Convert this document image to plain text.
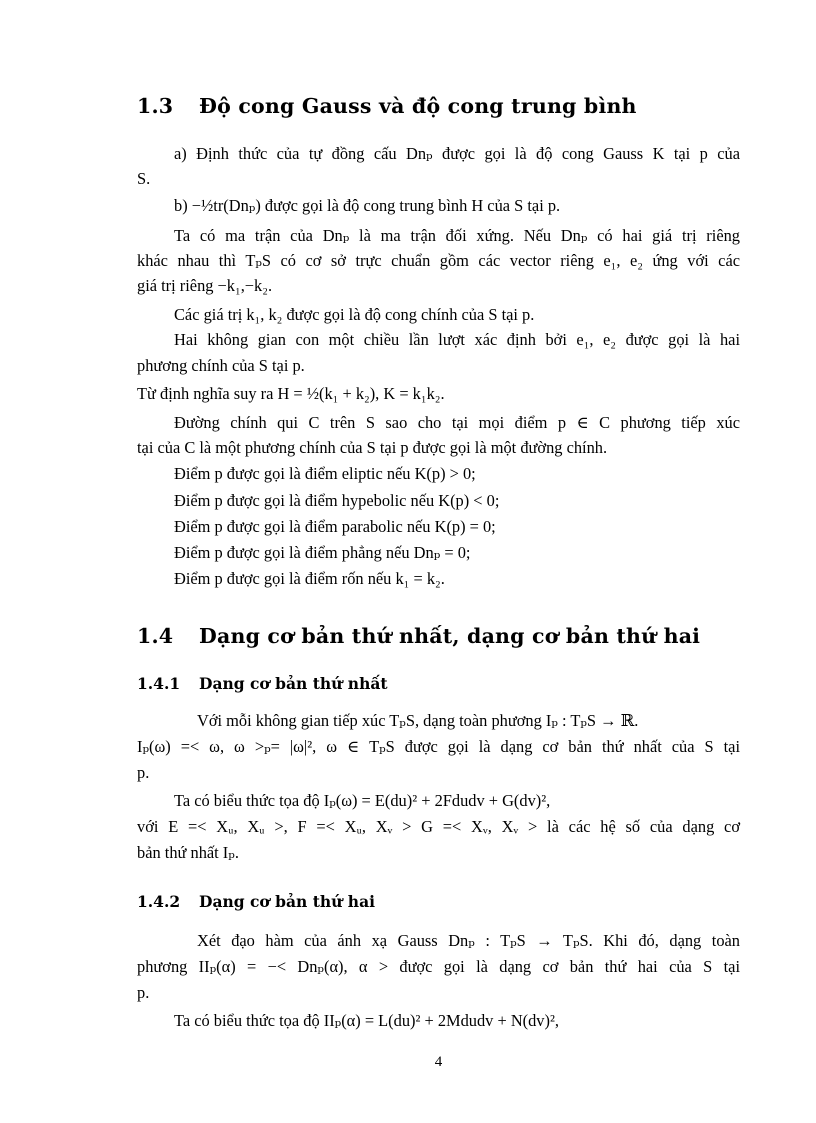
1.3 Độ cong Gauss và độ cong trung bình
a) Định thức của tự đồng cấu Dnₚ được gọi là độ cong Gauss K tại p của
S.
b) −½tr(Dnₚ) được gọi là độ cong trung bình H của S tại p.
Ta có ma trận của Dnₚ là ma trận đối xứng. Nếu Dnₚ có hai giá trị riêng
khác nhau thì TₚS có cơ sở trực chuẩn gồm các vector riêng e₁, e₂ ứng với các
giá trị riêng −k₁,−k₂.
Các giá trị k₁, k₂ được gọi là độ cong chính của S tại p.
Hai không gian con một chiều lần lượt xác định bởi e₁, e₂ được gọi là hai
phương chính của S tại p.
Từ định nghĩa suy ra H = ½(k₁ + k₂), K = k₁k₂.
Đường chính qui C trên S sao cho tại mọi điểm p ∈ C phương tiếp xúc
tại của C là một phương chính của S tại p được gọi là một đường chính.
Điểm p được gọi là điểm eliptic nếu K(p) > 0;
Điểm p được gọi là điểm hypebolic nếu K(p) < 0;
Điểm p được gọi là điểm parabolic nếu K(p) = 0;
Điểm p được gọi là điểm phẳng nếu Dnₚ = 0;
Điểm p được gọi là điểm rốn nếu k₁ = k₂.
1.4 Dạng cơ bản thứ nhất, dạng cơ bản thứ hai
1.4.1 Dạng cơ bản thứ nhất
Với mỗi không gian tiếp xúc TₚS, dạng toàn phương Iₚ : TₚS → ℝ.
Iₚ(ω) =< ω, ω >ₚ= |ω|², ω ∈ TₚS được gọi là dạng cơ bản thứ nhất của S tại
p.
Ta có biểu thức tọa độ Iₚ(ω) = E(du)² + 2Fdudv + G(dv)²,
với E =< Xᵤ, Xᵤ >, F =< Xᵤ, Xᵥ > G =< Xᵥ, Xᵥ > là các hệ số của dạng cơ
bản thứ nhất Iₚ.
1.4.2 Dạng cơ bản thứ hai
Xét đạo hàm của ánh xạ Gauss Dnₚ : TₚS → TₚS. Khi đó, dạng toàn
phương IIₚ(α) = −< Dnₚ(α), α > được gọi là dạng cơ bản thứ hai của S tại
p.
Ta có biểu thức tọa độ IIₚ(α) = L(du)² + 2Mdudv + N(dv)²,
4
